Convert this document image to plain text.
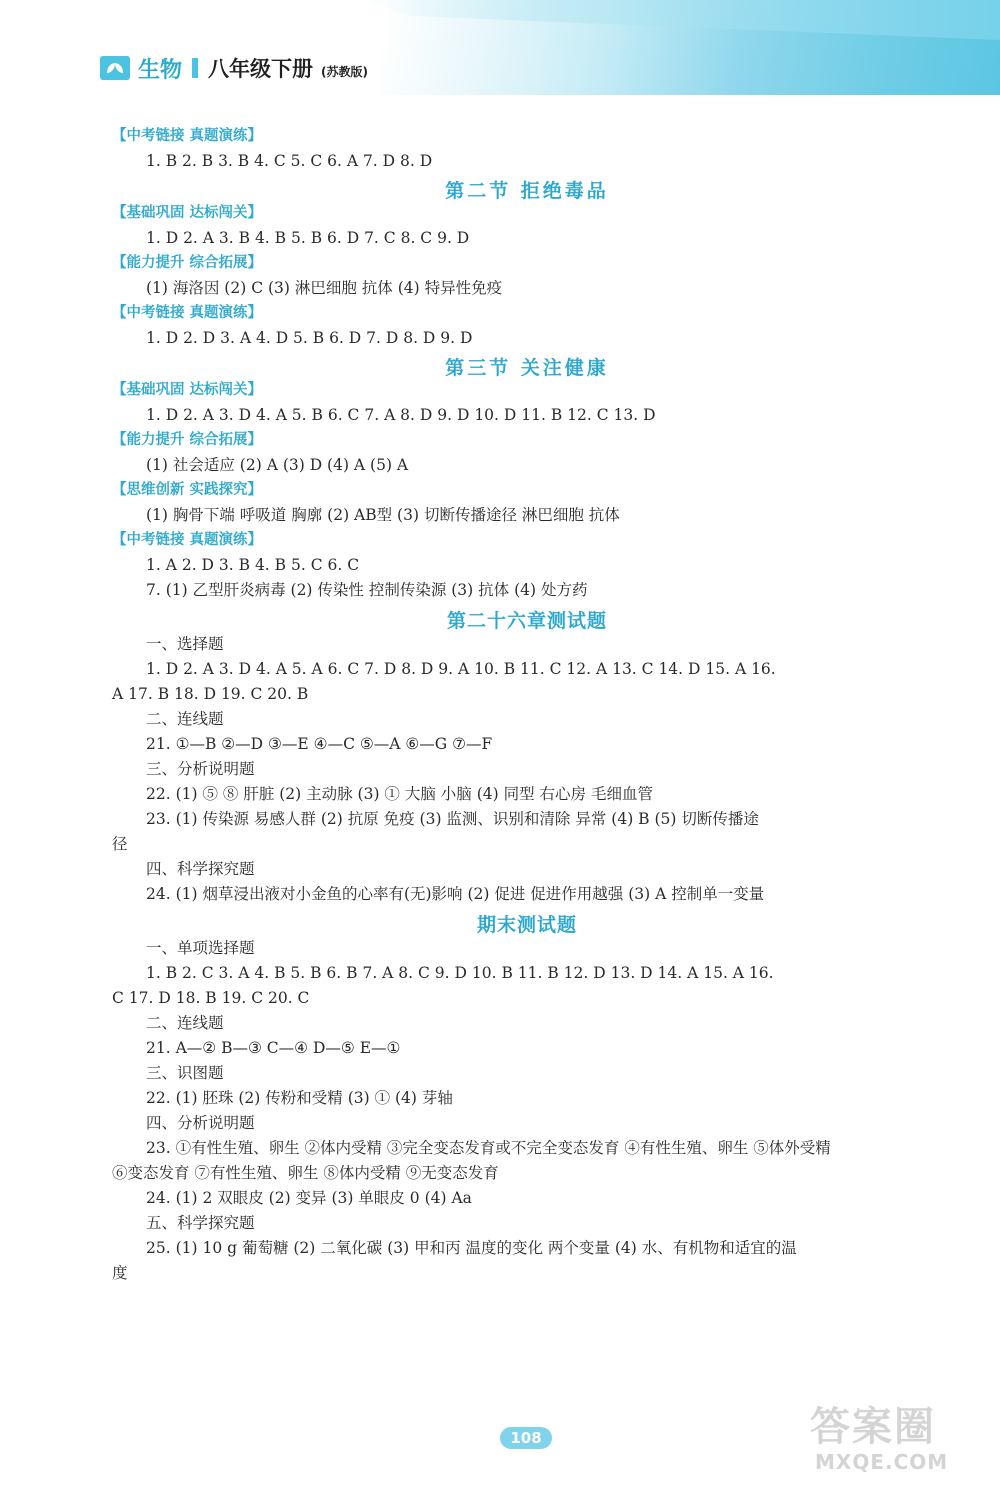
生物 八年级下册 (苏教版)
【中考链接 真题演练】
1. B 2. B 3. B 4. C 5. C 6. A 7. D 8. D
第二节 拒绝毒品
【基础巩固 达标闯关】
1. D 2. A 3. B 4. B 5. B 6. D 7. C 8. C 9. D
【能力提升 综合拓展】
(1) 海洛因 (2) C (3) 淋巴细胞 抗体 (4) 特异性免疫
【中考链接 真题演练】
1. D 2. D 3. A 4. D 5. B 6. D 7. D 8. D 9. D
第三节 关注健康
【基础巩固 达标闯关】
1. D 2. A 3. D 4. A 5. B 6. C 7. A 8. D 9. D 10. D 11. B 12. C 13. D
【能力提升 综合拓展】
(1) 社会适应 (2) A (3) D (4) A (5) A
【思维创新 实践探究】
(1) 胸骨下端 呼吸道 胸廓 (2) AB型 (3) 切断传播途径 淋巴细胞 抗体
【中考链接 真题演练】
1. A 2. D 3. B 4. B 5. C 6. C
7. (1) 乙型肝炎病毒 (2) 传染性 控制传染源 (3) 抗体 (4) 处方药
第二十六章测试题
一、选择题
1. D 2. A 3. D 4. A 5. A 6. C 7. D 8. D 9. A 10. B 11. C 12. A 13. C 14. D 15. A 16.
A 17. B 18. D 19. C 20. B
二、连线题
21. ①—B ②—D ③—E ④—C ⑤—A ⑥—G ⑦—F
三、分析说明题
22. (1) ⑤ ⑧ 肝脏 (2) 主动脉 (3) ① 大脑 小脑 (4) 同型 右心房 毛细血管
23. (1) 传染源 易感人群 (2) 抗原 免疫 (3) 监测、识别和清除 异常 (4) B (5) 切断传播途
径
四、科学探究题
24. (1) 烟草浸出液对小金鱼的心率有(无)影响 (2) 促进 促进作用越强 (3) A 控制单一变量
期末测试题
一、单项选择题
1. B 2. C 3. A 4. B 5. B 6. B 7. A 8. C 9. D 10. B 11. B 12. D 13. D 14. A 15. A 16.
C 17. D 18. B 19. C 20. C
二、连线题
21. A—② B—③ C—④ D—⑤ E—①
三、识图题
22. (1) 胚珠 (2) 传粉和受精 (3) ① (4) 芽轴
四、分析说明题
23. ①有性生殖、卵生 ②体内受精 ③完全变态发育或不完全变态发育 ④有性生殖、卵生 ⑤体外受精
⑥变态发育 ⑦有性生殖、卵生 ⑧体内受精 ⑨无变态发育
24. (1) 2 双眼皮 (2) 变异 (3) 单眼皮 0 (4) Aa
五、科学探究题
25. (1) 10 g 葡萄糖 (2) 二氧化碳 (3) 甲和丙 温度的变化 两个变量 (4) 水、有机物和适宜的温
度
108	答案圈
MXQE.COM
